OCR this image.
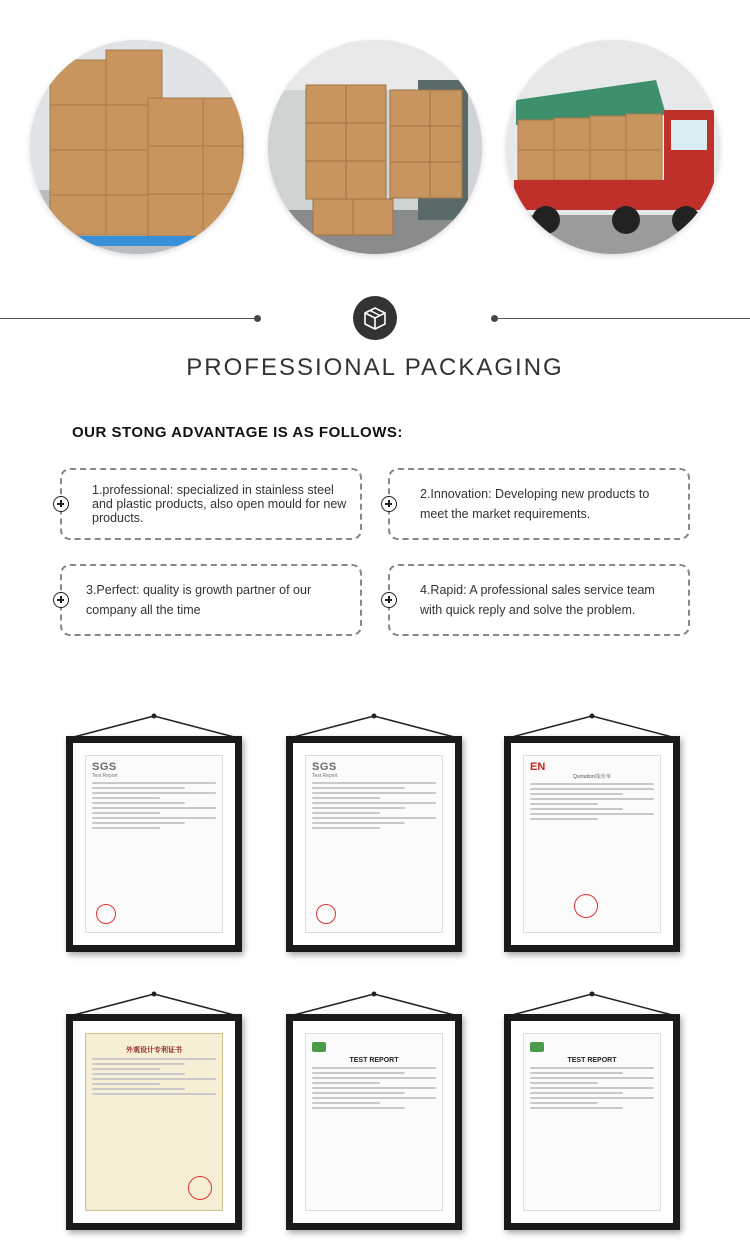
PROFESSIONAL PACKAGING
OUR STONG ADVANTAGE IS AS FOLLOWS:
1.professional: specialized in stainless steel and plastic products, also open mould for new products.
2.Innovation: Developing new products to meet the market requirements.
3.Perfect: quality is growth partner of our company all the time
4.Rapid: A professional sales service team with quick reply and solve the problem.
SGS
Test Report
SGS
Test Report
EN
Quotation/报价单
外观设计专利证书
TEST REPORT	TEST REPORT
